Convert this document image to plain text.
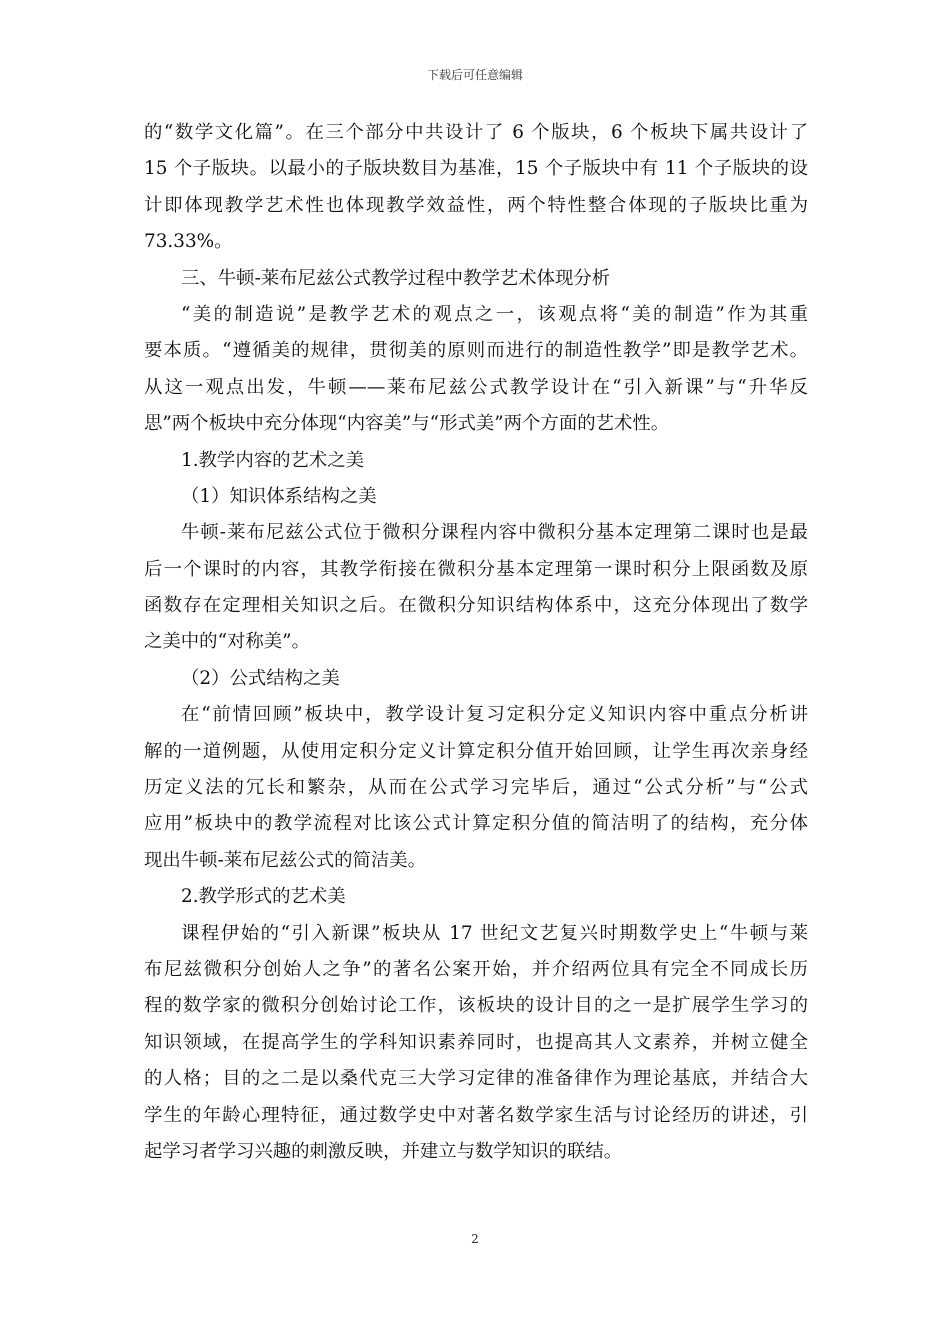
下载后可任意编辑
的“数学文化篇”。在三个部分中共设计了 6 个版块，6 个板块下属共设计了
15 个子版块。以最小的子版块数目为基准，15 个子版块中有 11 个子版块的设
计即体现教学艺术性也体现教学效益性，两个特性整合体现的子版块比重为
73.33%。
三、牛顿-莱布尼兹公式教学过程中教学艺术体现分析
“美的制造说”是教学艺术的观点之一，该观点将“美的制造”作为其重
要本质。“遵循美的规律，贯彻美的原则而进行的制造性教学”即是教学艺术。
从这一观点出发，牛顿——莱布尼兹公式教学设计在“引入新课”与“升华反
思”两个板块中充分体现“内容美”与“形式美”两个方面的艺术性。
1.教学内容的艺术之美
（1）知识体系结构之美
牛顿-莱布尼兹公式位于微积分课程内容中微积分基本定理第二课时也是最
后一个课时的内容，其教学衔接在微积分基本定理第一课时积分上限函数及原
函数存在定理相关知识之后。在微积分知识结构体系中，这充分体现出了数学
之美中的“对称美”。
（2）公式结构之美
在“前情回顾”板块中，教学设计复习定积分定义知识内容中重点分析讲
解的一道例题，从使用定积分定义计算定积分值开始回顾，让学生再次亲身经
历定义法的冗长和繁杂，从而在公式学习完毕后，通过“公式分析”与“公式
应用”板块中的教学流程对比该公式计算定积分值的简洁明了的结构，充分体
现出牛顿-莱布尼兹公式的简洁美。
2.教学形式的艺术美
课程伊始的“引入新课”板块从 17 世纪文艺复兴时期数学史上“牛顿与莱
布尼兹微积分创始人之争”的著名公案开始，并介绍两位具有完全不同成长历
程的数学家的微积分创始讨论工作，该板块的设计目的之一是扩展学生学习的
知识领域，在提高学生的学科知识素养同时，也提高其人文素养，并树立健全
的人格；目的之二是以桑代克三大学习定律的准备律作为理论基底，并结合大
学生的年龄心理特征，通过数学史中对著名数学家生活与讨论经历的讲述，引
起学习者学习兴趣的刺激反映，并建立与数学知识的联结。
2
